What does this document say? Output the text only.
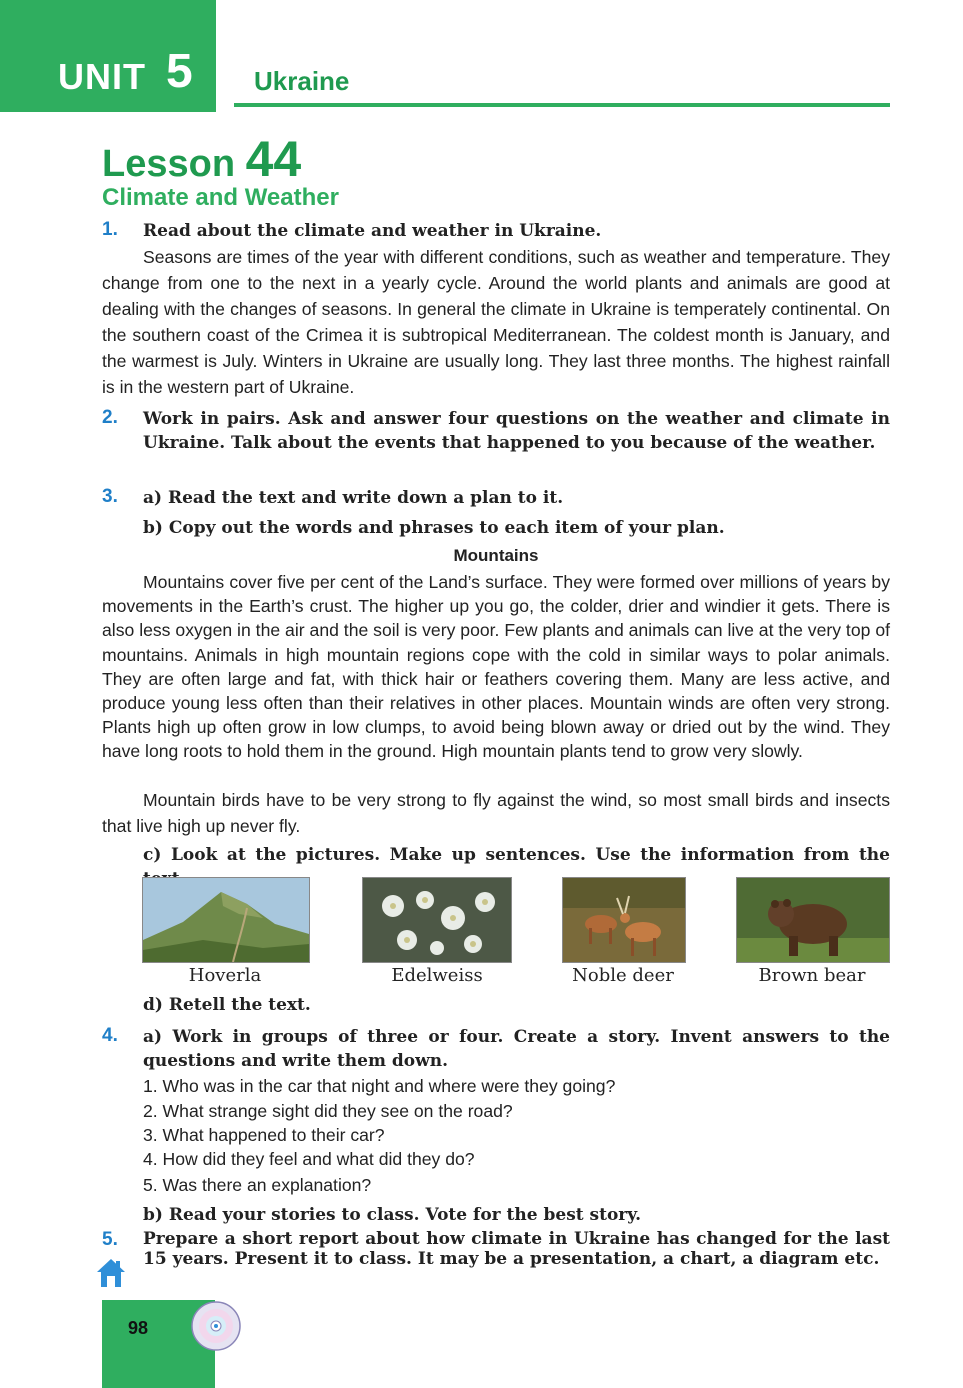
UNIT 5 Ukraine
Lesson 44
Climate and Weather
1. Read about the climate and weather in Ukraine.

Seasons are times of the year with different conditions, such as weather and temperature. They change from one to the next in a yearly cycle. Around the world plants and animals are good at dealing with the changes of seasons. In general the climate in Ukraine is temperately continental. On the southern coast of the Crimea it is subtropical Mediterranean. The coldest month is January, and the warmest is July. Winters in Ukraine are usually long. They last three months. The highest rainfall is in the western part of Ukraine.

2. Work in pairs. Ask and answer four questions on the weather and climate in Ukraine. Talk about the events that happened to you because of the weather.
3. a) Read the text and write down a plan to it.
b) Copy out the words and phrases to each item of your plan.
Mountains

Mountains cover five per cent of the Land’s surface. They were formed over millions of years by movements in the Earth’s crust. The higher up you go, the colder, drier and windier it gets. There is also less oxygen in the air and the soil is very poor. Few plants and animals can live at the very top of mountains. Animals in high mountain regions cope with the cold in similar ways to polar animals. They are often large and fat, with thick hair or feathers covering them. Many are less active, and produce young less often than their relatives in other places. Mountain winds are often very strong. Plants high up often grow in low clumps, to avoid being blown away or dried out by the wind. They have long roots to hold them in the ground. High mountain plants tend to grow very slowly.

Mountain birds have to be very strong to fly against the wind, so most small birds and insects that live high up never fly.

c) Look at the pictures. Make up sentences. Use the information from the
Hoverla	Edelweiss	Noble deer	Brown bear
d) Retell the text.
4. a) Work in groups of three or four. Create a story. Invent answers to the questions and write them down.
1. Who was in the car that night and where were they going?
2. What strange sight did they see on the road?
3. What happened to their car?
4. How did they feel and what did they do?
5. Was there an explanation?
b) Read your stories to class. Vote for the best story.
5. Prepare a short report about how climate in Ukraine has changed for the last 15 years. Present it to class. It may be a presentation, a chart, a diagram etc.
98
